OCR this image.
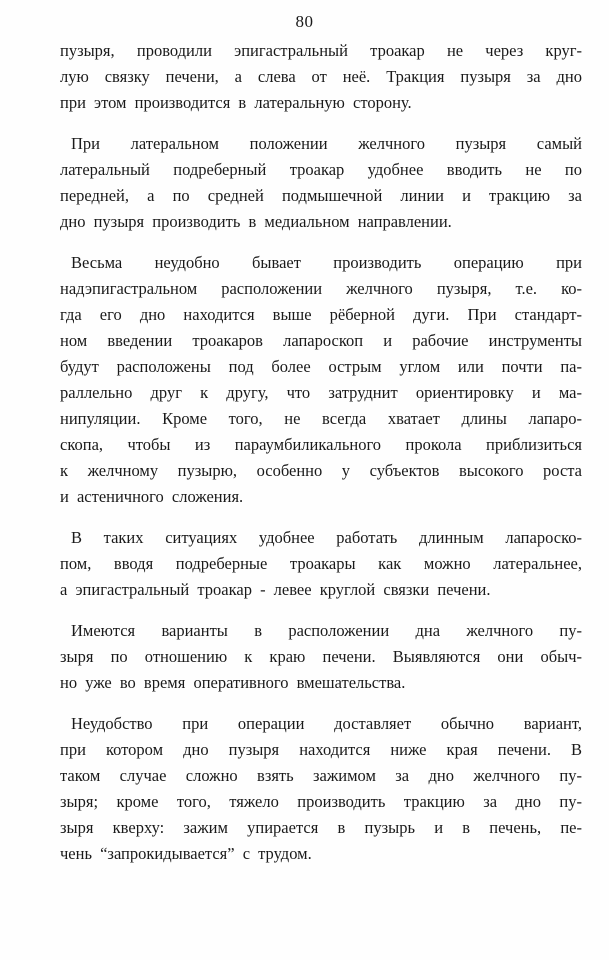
80
пузыря, проводили эпигастральный троакар не через круг-
лую связку печени, а слева от неё. Тракция пузыря за дно
при этом производится в латеральную сторону.
При латеральном положении желчного пузыря самый
латеральный подреберный троакар удобнее вводить не по
передней, а по средней подмышечной линии и тракцию за
дно пузыря производить в медиальном направлении.
Весьма неудобно бывает производить операцию при
надэпигастральном расположении желчного пузыря, т.е. ко-
гда его дно находится выше рёберной дуги. При стандарт-
ном введении троакаров лапароскоп и рабочие инструменты
будут расположены под более острым углом или почти па-
раллельно друг к другу, что затруднит ориентировку и ма-
нипуляции. Кроме того, не всегда хватает длины лапаро-
скопа, чтобы из параумбиликального прокола приблизиться
к желчному пузырю, особенно у субъектов высокого роста
и астеничного сложения.
В таких ситуациях удобнее работать длинным лапароско-
пом, вводя подреберные троакары как можно латеральнее,
а эпигастральный троакар - левее круглой связки печени.
Имеются варианты в расположении дна желчного пу-
зыря по отношению к краю печени. Выявляются они обыч-
но уже во время оперативного вмешательства.
Неудобство при операции доставляет обычно вариант,
при котором дно пузыря находится ниже края печени. В
таком случае сложно взять зажимом за дно желчного пу-
зыря; кроме того, тяжело производить тракцию за дно пу-
зыря кверху: зажим упирается в пузырь и в печень, пе-
чень “запрокидывается” с трудом.
